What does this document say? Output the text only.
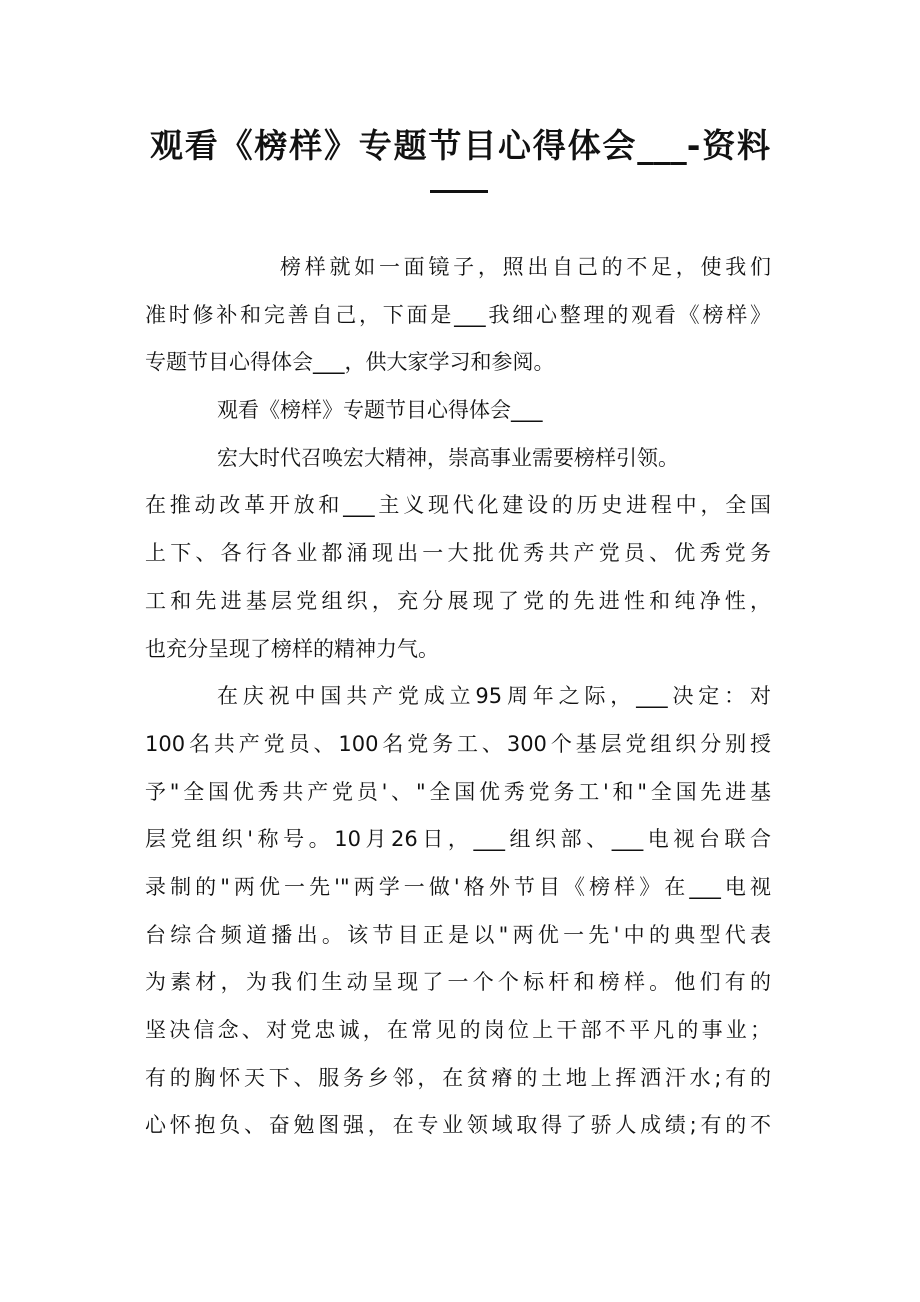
观看《榜样》专题节目心得体会___-资料
榜样就如一面镜子，照出自己的不足，使我们
准时修补和完善自己，下面是___我细心整理的观看《榜样》
专题节目心得体会___，供大家学习和参阅。
观看《榜样》专题节目心得体会___
宏大时代召唤宏大精神，崇高事业需要榜样引领。
在推动改革开放和___主义现代化建设的历史进程中，全国
上下、各行各业都涌现出一大批优秀共产党员、优秀党务
工和先进基层党组织，充分展现了党的先进性和纯净性，
也充分呈现了榜样的精神力气。
在庆祝中国共产党成立95周年之际，___决定：对
100名共产党员、100名党务工、300个基层党组织分别授
予"全国优秀共产党员'、"全国优秀党务工'和"全国先进基
层党组织'称号。10月26日，___组织部、___电视台联合
录制的"两优一先'"两学一做'格外节目《榜样》在___电视
台综合频道播出。该节目正是以"两优一先'中的典型代表
为素材，为我们生动呈现了一个个标杆和榜样。他们有的
坚决信念、对党忠诚，在常见的岗位上干部不平凡的事业；
有的胸怀天下、服务乡邻，在贫瘠的土地上挥洒汗水;有的
心怀抱负、奋勉图强，在专业领域取得了骄人成绩;有的不
